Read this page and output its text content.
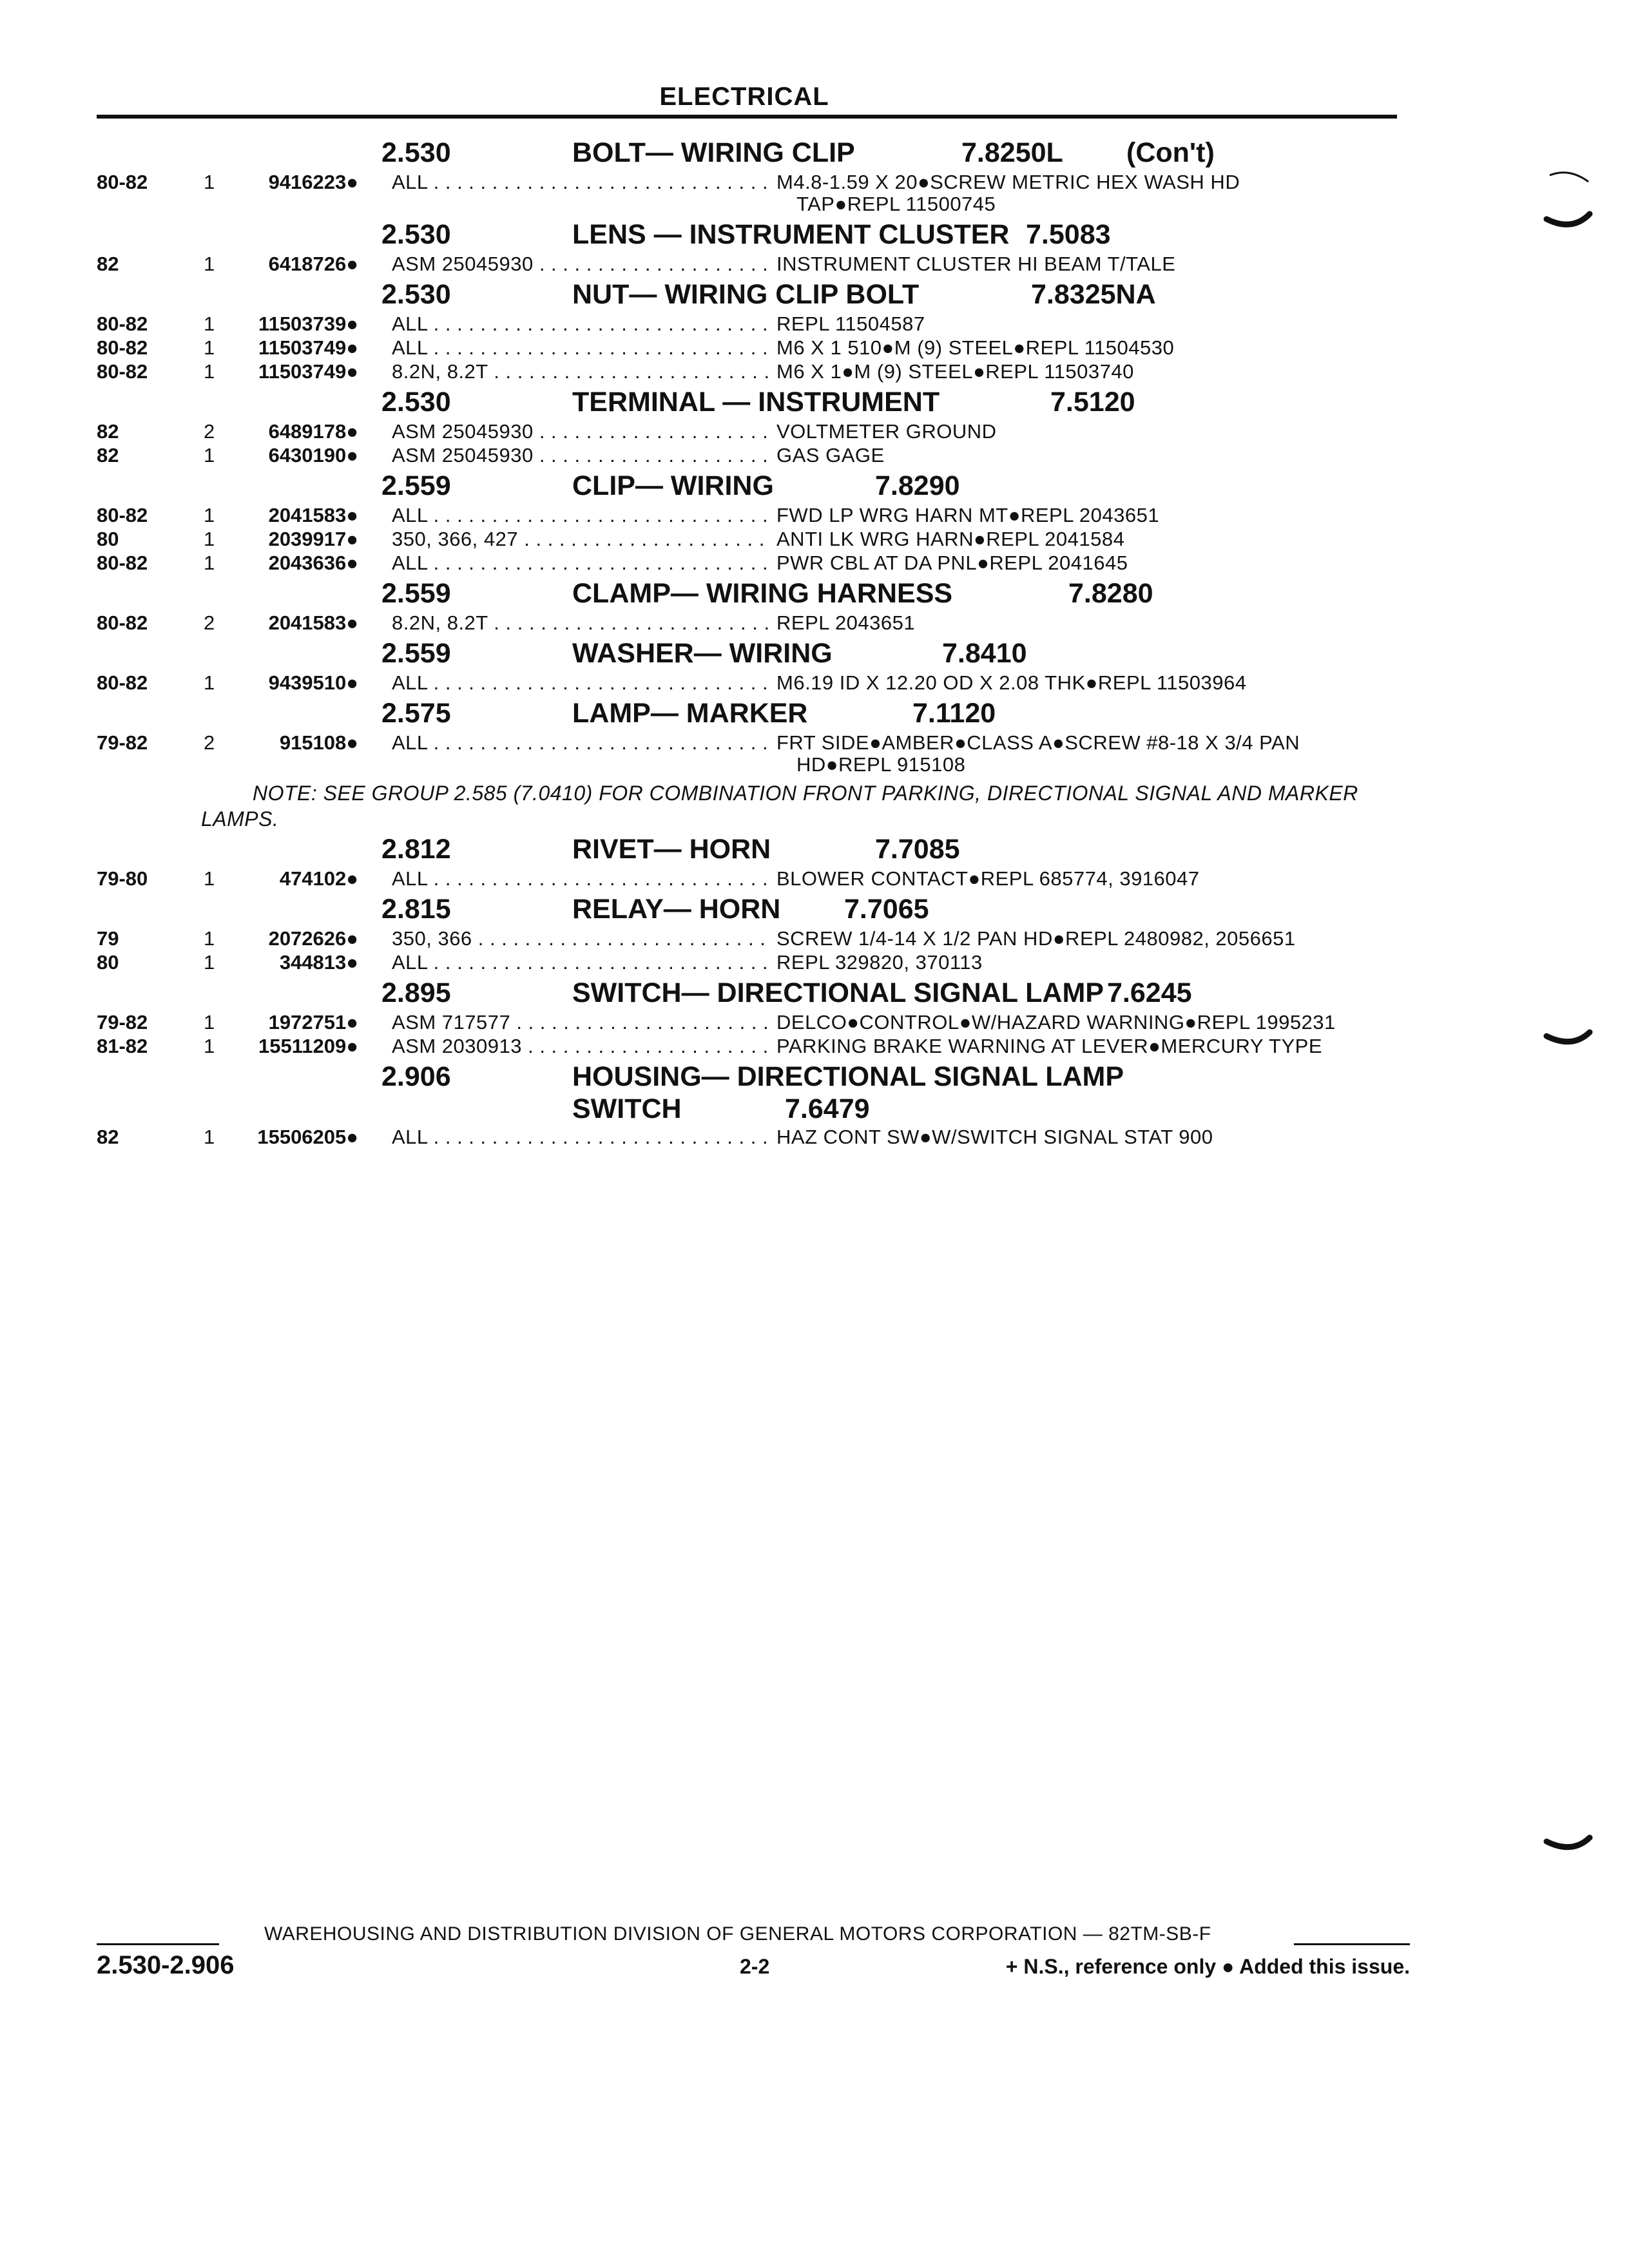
ELECTRICAL
2.530	BOLT— WIRING CLIP	7.8250L (Con't)
80-82	1	9416223● ALL . . .	M4.8-1.59 X 20●SCREW METRIC HEX WASH HD
TAP●REPL 11500745
2.530	LENS — INSTRUMENT CLUSTER 7.5083
82	1	6418726● ASM 25045930 . . .	INSTRUMENT CLUSTER HI BEAM T/TALE
2.530	NUT— WIRING CLIP BOLT	7.8325NA
80-82	1 11503739● ALL . . .	REPL 11504587
80-82	1 11503749● ALL . . .	M6 X 1 510●M (9) STEEL●REPL 11504530
80-82	1 11503749● 8.2N, 8.2T . . .	M6 X 1●M (9) STEEL●REPL 11503740
2.530	TERMINAL — INSTRUMENT	7.5120
82	2	6489178● ASM 25045930 . . .	VOLTMETER GROUND
82	1	6430190● ASM 25045930 . . .	GAS GAGE
2.559	CLIP— WIRING	7.8290
80-82	1	2041583● ALL . . .	FWD LP WRG HARN MT●REPL 2043651
80	1	2039917● 350, 366, 427 . . .	ANTI LK WRG HARN●REPL 2041584
80-82	1	2043636● ALL . . .	PWR CBL AT DA PNL●REPL 2041645
2.559	CLAMP— WIRING HARNESS	7.8280
80-82	2	2041583● 8.2N, 8.2T . . .	REPL 2043651
2.559	WASHER— WIRING	7.8410
80-82	1	9439510● ALL . . .	M6.19 ID X 12.20 OD X 2.08 THK●REPL 11503964
2.575	LAMP— MARKER	7.1120
79-82	2	915108● ALL . . .	FRT SIDE●AMBER●CLASS A●SCREW #8-18 X 3/4 PAN
HD●REPL 915108
NOTE: SEE GROUP 2.585 (7.0410) FOR COMBINATION FRONT PARKING, DIRECTIONAL SIGNAL AND MARKER LAMPS.
2.812	RIVET— HORN	7.7085
79-80	1	474102● ALL . . .	BLOWER CONTACT●REPL 685774, 3916047
2.815	RELAY— HORN 7.7065
79	1	2072626● 350, 366 . . .	SCREW 1/4-14 X 1/2 PAN HD●REPL 2480982, 2056651
80	1	344813● ALL . . .	REPL 329820, 370113
2.895	SWITCH— DIRECTIONAL SIGNAL LAMP 7.6245
79-82	1	1972751● ASM 717577 . . .	DELCO●CONTROL●W/HAZARD WARNING●REPL 1995231
81-82	1 15511209● ASM 2030913 . . .	PARKING BRAKE WARNING AT LEVER●MERCURY TYPE
2.906	HOUSING— DIRECTIONAL SIGNAL LAMP
SWITCH	7.6479
82	1 15506205● ALL . . .	HAZ CONT SW●W/SWITCH SIGNAL STAT 900
WAREHOUSING AND DISTRIBUTION DIVISION OF GENERAL MOTORS CORPORATION — 82TM-SB-F
2.530-2.906	2-2	+ N.S., reference only ● Added this issue.
